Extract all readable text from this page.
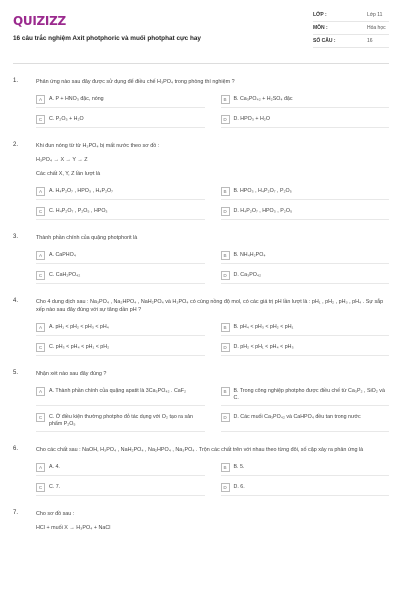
QUIZIZZ
16 câu trắc nghiệm Axit photphoric và muối photphat cực hay
LỚP :	Lớp 11
MÔN :	Hóa học
SỐ CÂU :	16
1.	Phản ứng nào sau đây được sử dụng để điều chế H₃PO₄ trong phòng thí nghiệm ?
A	A. P + HNO₃ đặc, nóng	B	B. Ca₃PO₄₂ + H₂SO₄ đặc
C	C. P₂O₅ + H₂O	D	D. HPO₃ + H₂O
2.	Khi đun nóng từ từ H₃PO₄ bị mất nước theo sơ đồ :
H₃PO₄ → X → Y → Z
Các chất X, Y, Z lần lượt là
A	A. H₄P₂O₇ , HPO₃ , H₄P₂O₇	B	B. HPO₃ , H₄P₂O₇ , P₂O₅
C	C. H₄P₂O₇ , P₂O₅ , HPO₃	D	D. H₄P₂O₇ , HPO₃ , P₂O₅
3.	Thành phần chính của quặng photphorit là
A	A. CaPHO₄	B	B. NH₄H₂PO₄
C	C. CaH₂PO₄₂	D	D. Ca₃PO₄₂
4.	Cho 4 dung dịch sau : Na₃PO₄ , Na₂HPO₄ , NaH₂PO₄ và H₃PO₄ có cùng nồng độ mol, có các giá trị pH lần lượt là : pH₁ , pH₂ , pH₃ , pH₄ . Sự sắp xếp nào sau đây đúng với sự tăng dần pH ?
A	A. pH₁ < pH₂ < pH₃ < pH₄	B	B. pH₄ < pH₃ < pH₂ < pH₁
C	C. pH₃ < pH₄ < pH₁ < pH₂	D	D. pH₂ < pH₁ < pH₄ < pH₃
5.	Nhận xét nào sau đây đúng ?
A	A. Thành phần chính của quặng apatit là 3Ca₃PO₄₂ . CaF₂	B	B. Trong công nghiệp photpho được điều chế từ Ca₃P₂ , SiO₂ và C.
C	C. Ở điều kiện thường photpho đỏ tác dụng với O₂ tạo ra sản phẩm P₂O₅
D	D. Các muối Ca₃PO₄₂ và CaHPO₄ đều tan trong nước
6.	Cho các chất sau : NaOH, H₃PO₄ , NaH₂PO₄ , Na₂HPO₄ , Na₃PO₄ . Trộn các chất trên với nhau theo từng đôi, số cặp xảy ra phản ứng là
A	A. 4.	B	B. 5.
C	C. 7.	D	D. 6.
7.	Cho sơ đồ sau :
HCl + muối X → H₃PO₄ + NaCl
